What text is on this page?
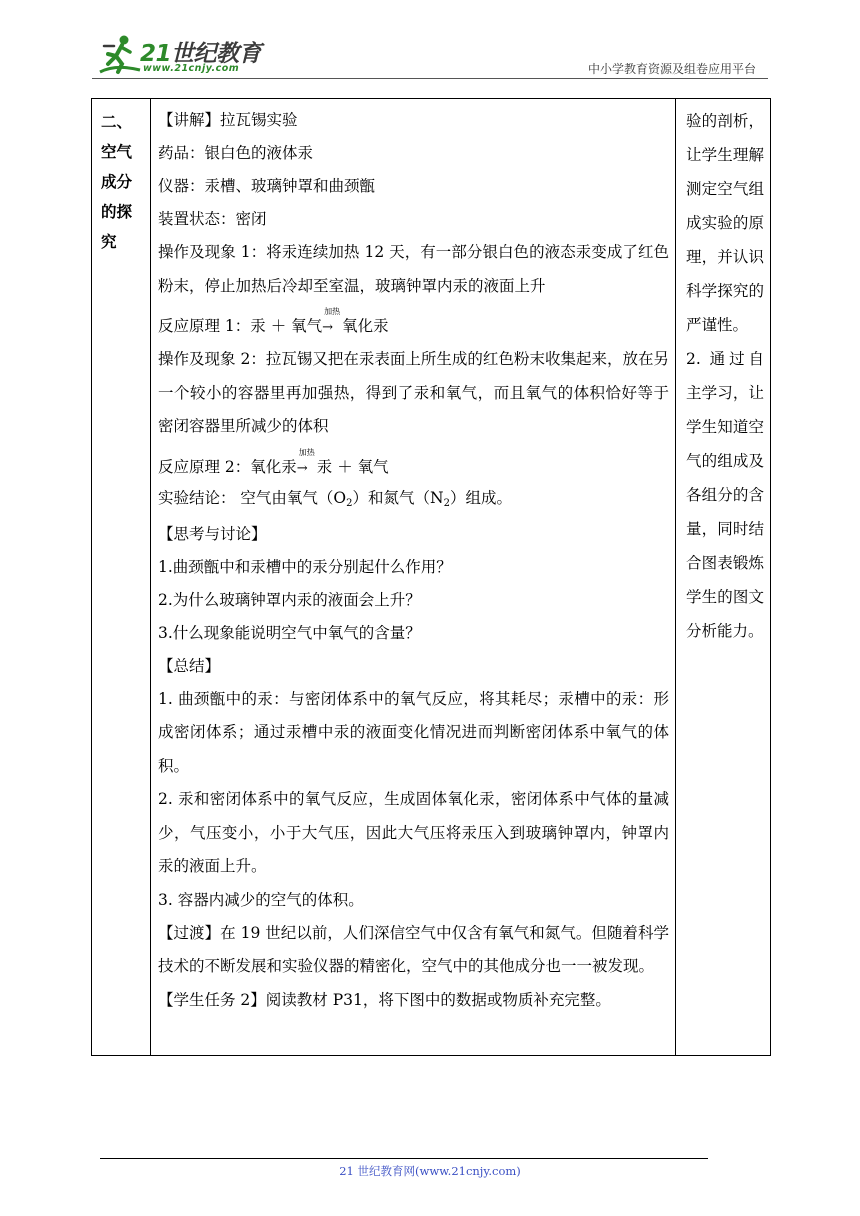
21世纪教育
www.21cnjy.com	中小学教育资源及组卷应用平台
二、
空气
成分
的探
究

【讲解】拉瓦锡实验
药品：银白色的液体汞
仪器：汞槽、玻璃钟罩和曲颈甑
装置状态：密闭
操作及现象 1：将汞连续加热 12 天，有一部分银白色的液态汞变成了红色粉末，停止加热后冷却至室温，玻璃钟罩内汞的液面上升
反应原理 1：汞 ＋ 氧气
加热
→ 氧化汞
操作及现象 2：拉瓦锡又把在汞表面上所生成的红色粉末收集起来，放在另一个较小的容器里再加强热，得到了汞和氧气，而且氧气的体积恰好等于密闭容器里所减少的体积
反应原理 2：氧化汞
加热
→ 汞 ＋ 氧气
实验结论： 空气由氧气$(O_2)$和氮气$(N_2)$组成。
【思考与讨论】
1.曲颈甑中和汞槽中的汞分别起什么作用？
2.为什么玻璃钟罩内汞的液面会上升？
3.什么现象能说明空气中氧气的含量？
【总结】
1. 曲颈甑中的汞：与密闭体系中的氧气反应，将其耗尽；汞槽中的汞：形成密闭体系；通过汞槽中汞的液面变化情况进而判断密闭体系中氧气的体积。
2. 汞和密闭体系中的氧气反应，生成固体氧化汞，密闭体系中气体的量减少，气压变小，小于大气压，因此大气压将汞压入到玻璃钟罩内，钟罩内汞的液面上升。
3. 容器内减少的空气的体积。
【过渡】在 19 世纪以前，人们深信空气中仅含有氧气和氮气。但随着科学技术的不断发展和实验仪器的精密化，空气中的其他成分也一一被发现。
【学生任务 2】阅读教材 P31，将下图中的数据或物质补充完整。

验的剖析，让学生理解测定空气组成实验的原理，并认识科学探究的严谨性。
2. 通过自主学习，让学生知道空气的组成及各组分的含量，同时结合图表锻炼学生的图文分析能力。
21 世纪教育网(www.21cnjy.com)
